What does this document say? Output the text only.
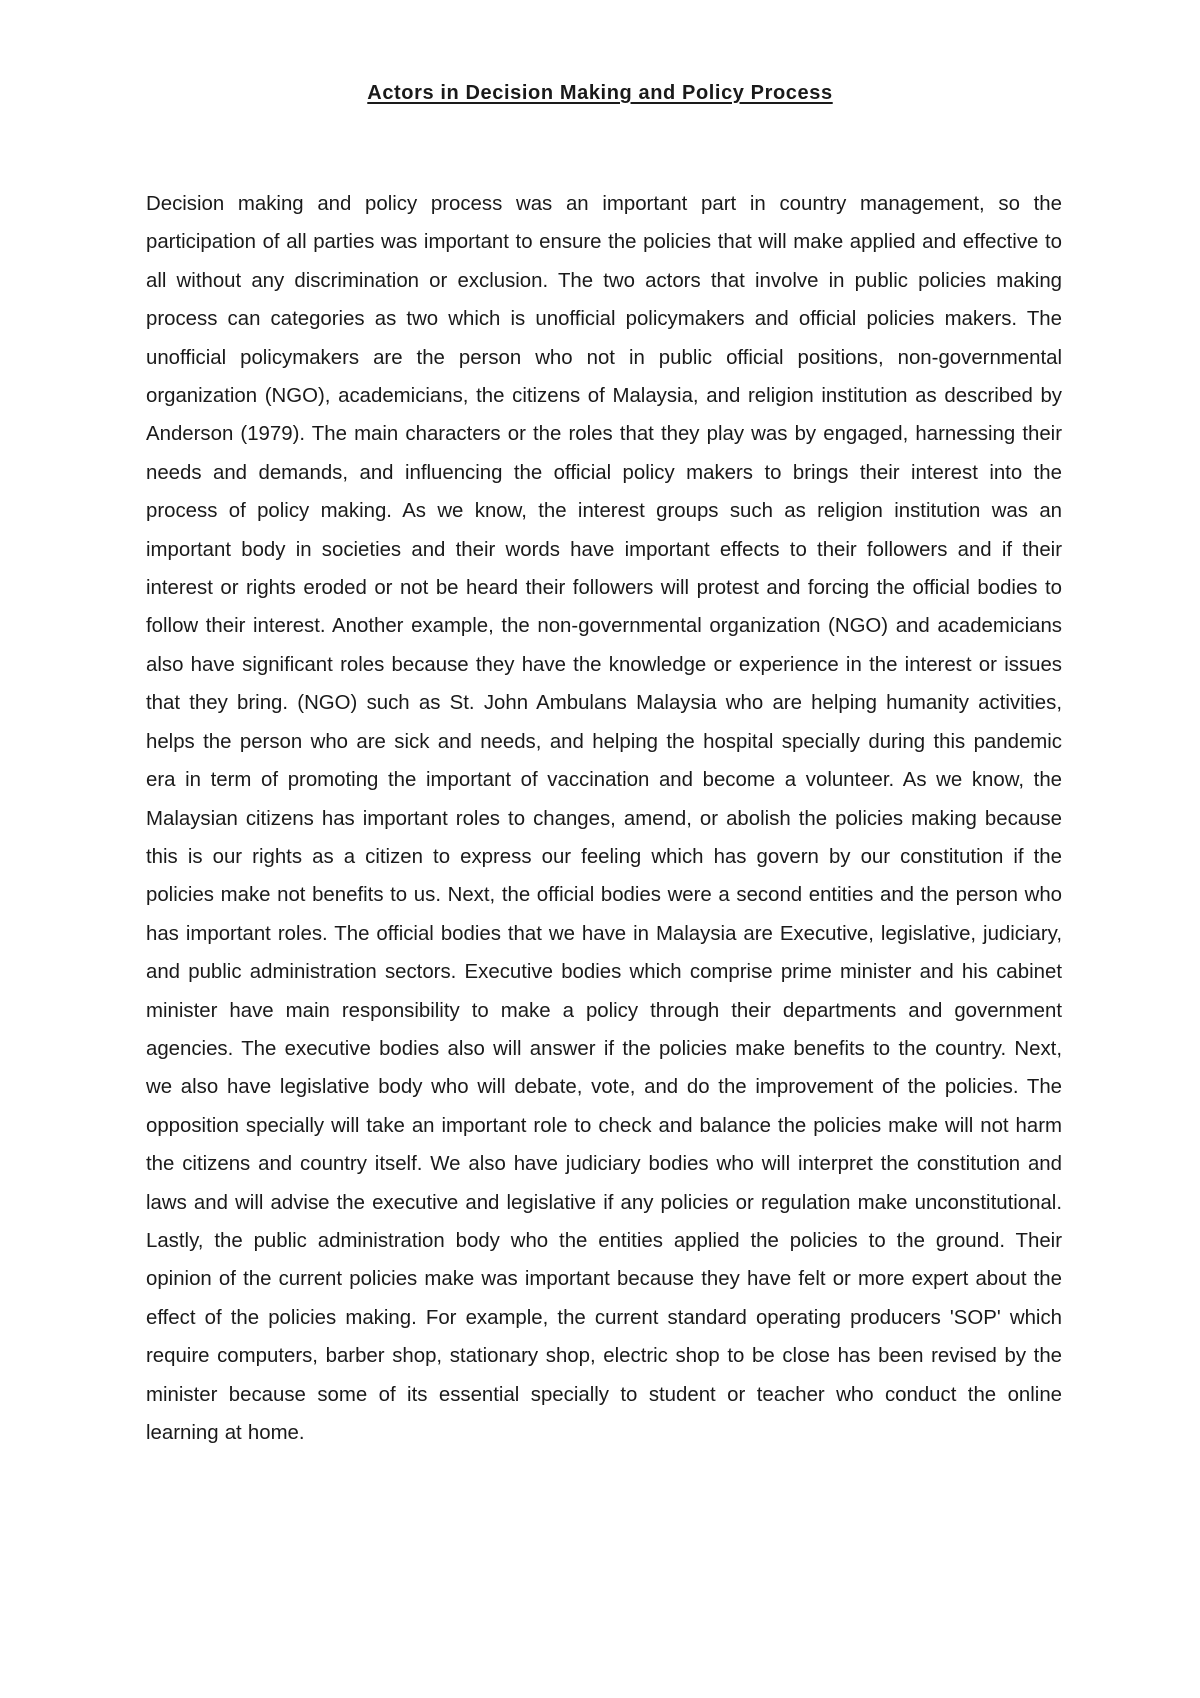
Actors in Decision Making and Policy Process

Decision making and policy process was an important part in country management, so the participation of all parties was important to ensure the policies that will make applied and effective to all without any discrimination or exclusion. The two actors that involve in public policies making process can categories as two which is unofficial policymakers and official policies makers. The unofficial policymakers are the person who not in public official positions, non-governmental organization (NGO), academicians, the citizens of Malaysia, and religion institution as described by Anderson (1979). The main characters or the roles that they play was by engaged, harnessing their needs and demands, and influencing the official policy makers to brings their interest into the process of policy making. As we know, the interest groups such as religion institution was an important body in societies and their words have important effects to their followers and if their interest or rights eroded or not be heard their followers will protest and forcing the official bodies to follow their interest. Another example, the non-governmental organization (NGO) and academicians also have significant roles because they have the knowledge or experience in the interest or issues that they bring. (NGO) such as St. John Ambulans Malaysia who are helping humanity activities, helps the person who are sick and needs, and helping the hospital specially during this pandemic era in term of promoting the important of vaccination and become a volunteer. As we know, the Malaysian citizens has important roles to changes, amend, or abolish the policies making because this is our rights as a citizen to express our feeling which has govern by our constitution if the policies make not benefits to us. Next, the official bodies were a second entities and the person who has important roles. The official bodies that we have in Malaysia are Executive, legislative, judiciary, and public administration sectors. Executive bodies which comprise prime minister and his cabinet minister have main responsibility to make a policy through their departments and government agencies. The executive bodies also will answer if the policies make benefits to the country. Next, we also have legislative body who will debate, vote, and do the improvement of the policies. The opposition specially will take an important role to check and balance the policies make will not harm the citizens and country itself. We also have judiciary bodies who will interpret the constitution and laws and will advise the executive and legislative if any policies or regulation make unconstitutional. Lastly, the public administration body who the entities applied the policies to the ground. Their opinion of the current policies make was important because they have felt or more expert about the effect of the policies making. For example, the current standard operating producers 'SOP' which require computers, barber shop, stationary shop, electric shop to be close has been revised by the minister because some of its essential specially to student or teacher who conduct the online learning at home.
